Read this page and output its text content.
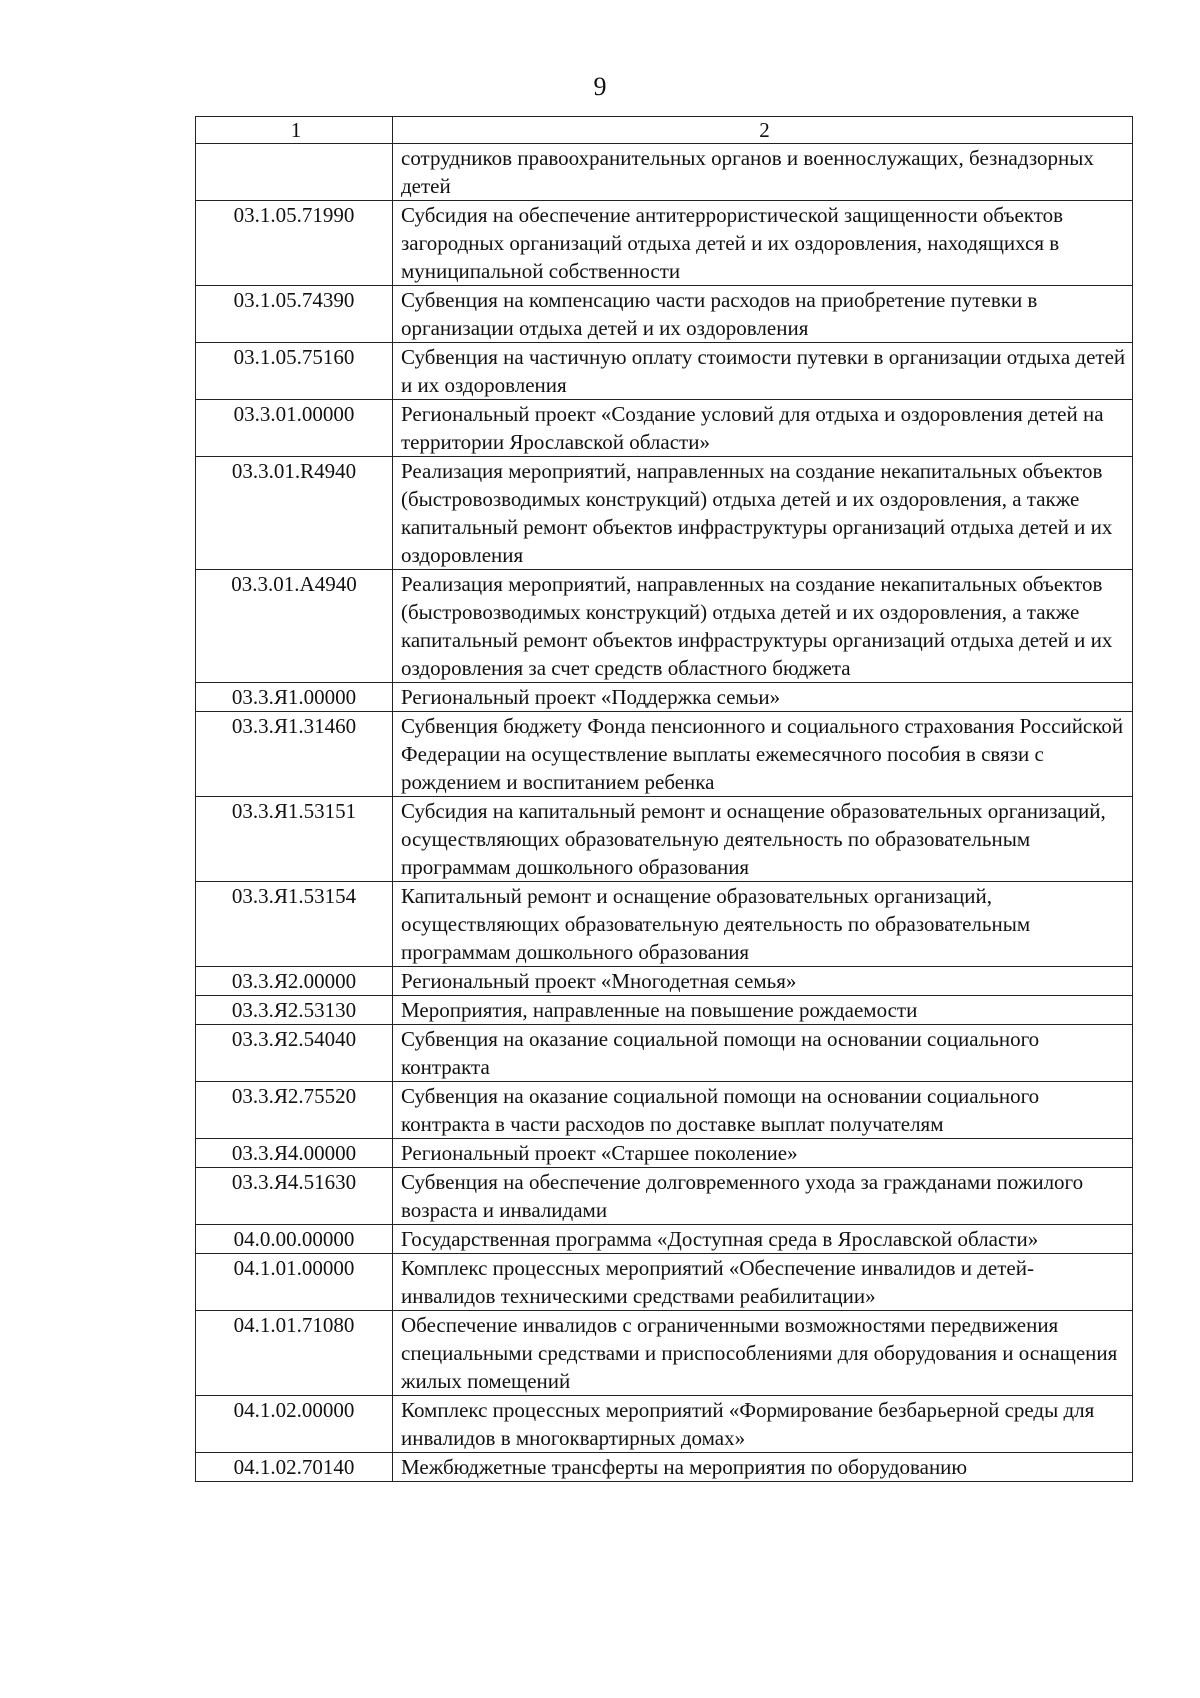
9
1	2
	сотрудников правоохранительных органов и военнослужащих, безнадзорных детей
03.1.05.71990	Субсидия на обеспечение антитеррористической защищенности объектов загородных организаций отдыха детей и их оздоровления, находящихся в муниципальной собственности
03.1.05.74390	Субвенция на компенсацию части расходов на приобретение путевки в организации отдыха детей и их оздоровления
03.1.05.75160	Субвенция на частичную оплату стоимости путевки в организации отдыха детей и их оздоровления
03.3.01.00000	Региональный проект «Создание условий для отдыха и оздоровления детей на территории Ярославской области»
03.3.01.R4940	Реализация мероприятий, направленных на создание некапитальных объектов (быстровозводимых конструкций) отдыха детей и их оздоровления, а также капитальный ремонт объектов инфраструктуры организаций отдыха детей и их оздоровления
03.3.01.А4940	Реализация мероприятий, направленных на создание некапитальных объектов (быстровозводимых конструкций) отдыха детей и их оздоровления, а также капитальный ремонт объектов инфраструктуры организаций отдыха детей и их оздоровления за счет средств областного бюджета
03.3.Я1.00000	Региональный проект «Поддержка семьи»
03.3.Я1.31460	Субвенция бюджету Фонда пенсионного и социального страхования Российской Федерации на осуществление выплаты ежемесячного пособия в связи с рождением и воспитанием ребенка
03.3.Я1.53151	Субсидия на капитальный ремонт и оснащение образовательных организаций, осуществляющих образовательную деятельность по образовательным программам дошкольного образования
03.3.Я1.53154	Капитальный ремонт и оснащение образовательных организаций, осуществляющих образовательную деятельность по образовательным программам дошкольного образования
03.3.Я2.00000	Региональный проект «Многодетная семья»
03.3.Я2.53130	Мероприятия, направленные на повышение рождаемости
03.3.Я2.54040	Субвенция на оказание социальной помощи на основании социального контракта
03.3.Я2.75520	Субвенция на оказание социальной помощи на основании социального контракта в части расходов по доставке выплат получателям
03.3.Я4.00000	Региональный проект «Старшее поколение»
03.3.Я4.51630	Субвенция на обеспечение долговременного ухода за гражданами пожилого возраста и инвалидами
04.0.00.00000	Государственная программа «Доступная среда в Ярославской области»
04.1.01.00000	Комплекс процессных мероприятий «Обеспечение инвалидов и детей-инвалидов техническими средствами реабилитации»
04.1.01.71080	Обеспечение инвалидов с ограниченными возможностями передвижения специальными средствами и приспособлениями для оборудования и оснащения жилых помещений
04.1.02.00000	Комплекс процессных мероприятий «Формирование безбарьерной среды для инвалидов в многоквартирных домах»
04.1.02.70140	Межбюджетные трансферты на мероприятия по оборудованию
